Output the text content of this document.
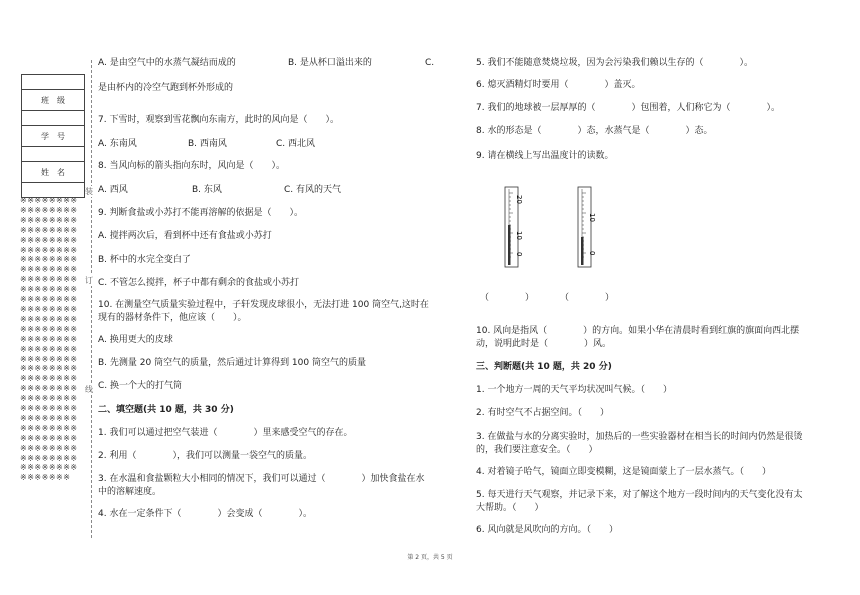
班　级

学　号

姓　名

※※※※※※※※※※※※※※※※※※※※※※※※※※※※※※※※※※※※※※※※※※※※※※※※※※※※※※※※※※※※※※※※※※※※※※※※※※※※※※※※※※※※※※※※※※※※※※※※※※※※※※※※※※※※※※※※※※※※※※※※※※※※※※※※※※※※※※※※※※※※※※※※※※※※※※※※※※※※※※※※※※※※※※※※※※※※※※※※※※※※※※※※※※※※※※※※※※※※※※※※※※※※※※※※※※※※※※※※※※※※※※※※※※※※※※※
装
订
线
A. 是由空气中的水蒸气凝结而成的	B. 是从杯口溢出来的	C.
是由杯内的冷空气跑到杯外形成的
7. 下雪时，观察到雪花飘向东南方，此时的风向是（　　）。
A. 东南风	B. 西南风	C. 西北风
8. 当风向标的箭头指向东时，风向是（　　）。
A. 西风	B. 东风	C. 有风的天气
9. 判断食盐或小苏打不能再溶解的依据是（　　）。
A. 搅拌两次后，看到杯中还有食盐或小苏打
B. 杯中的水完全变白了
C. 不管怎么搅拌，杯子中都有剩余的食盐或小苏打
10. 在测量空气质量实验过程中，子轩发现皮球很小，无法打进 100 筒空气,这时在
现有的器材条件下，他应该（　　）。
A. 换用更大的皮球
B. 先测量 20 筒空气的质量，然后通过计算得到 100 筒空气的质量
C. 换一个大的打气筒
二、填空题(共 10 题，共 30 分)
1. 我们可以通过把空气装进（　　　　）里来感受空气的存在。
2. 利用（　　　　），我们可以测量一袋空气的质量。
3. 在水温和食盐颗粒大小相同的情况下，我们可以通过（　　　　）加快食盐在水
中的溶解速度。
4. 水在一定条件下（　　　　）会变成（　　　　）。
5. 我们不能随意焚烧垃圾，因为会污染我们赖以生存的（　　　　）。
6. 熄灭酒精灯时要用（　　　　）盖灭。
7. 我们的地球被一层厚厚的（　　　　）包围着，人们称它为（　　　　）。
8. 水的形态是（　　　　）态，水蒸气是（　　　　）态。
9. 请在横线上写出温度计的读数。
20
10
0
10
0
（　　　　）	（　　　　）
10. 风向是指风（　　　　）的方向。如果小华在清晨时看到红旗的旗面向西北摆
动，说明此时是（　　　　）风。
三、判断题(共 10 题，共 20 分)
1. 一个地方一周的天气平均状况叫气候。（　　）
2. 有时空气不占据空间。（　　）
3. 在做盐与水的分离实验时，加热后的一些实验器材在相当长的时间内仍然是很烫
的，我们要注意安全。（　　）
4. 对着镜子哈气，镜面立即变模糊，这是镜面蒙上了一层水蒸气。（　　）
5. 每天进行天气观察，并记录下来，对了解这个地方一段时间内的天气变化没有太
大帮助。（　　）
6. 风向就是风吹向的方向。（　　）
第 2 页，共 5 页
